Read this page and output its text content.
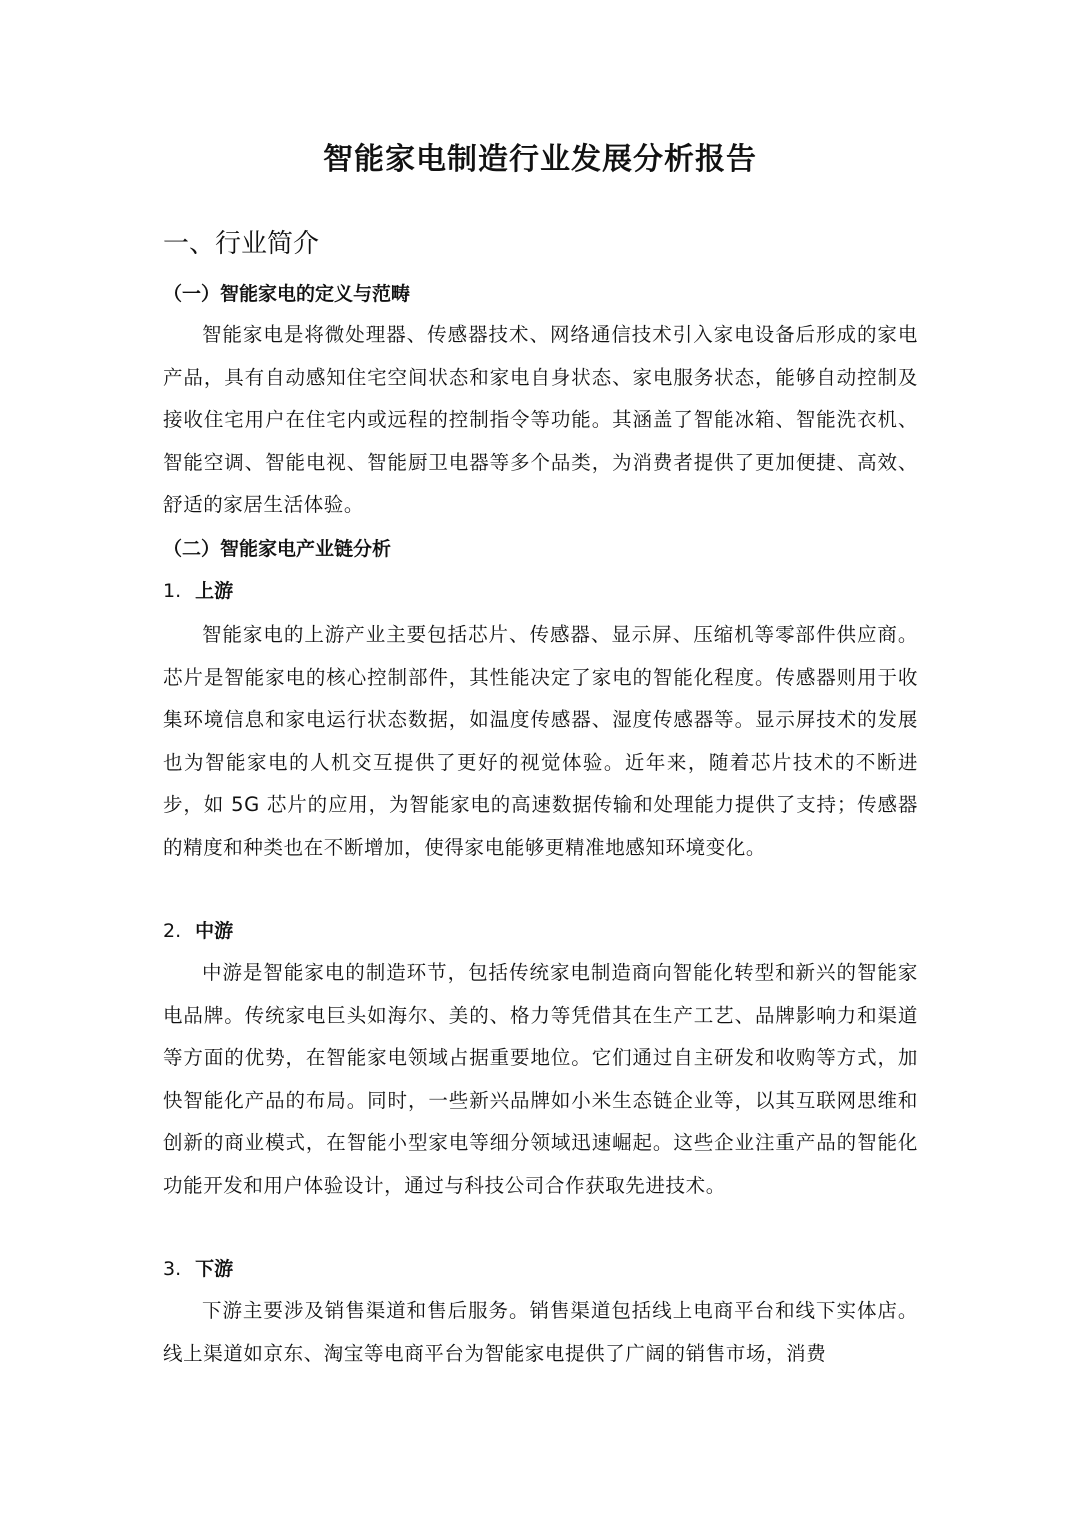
智能家电制造行业发展分析报告
一、行业简介
（一）智能家电的定义与范畴

智能家电是将微处理器、传感器技术、网络通信技术引入家电设备后形成的家电产品，具有自动感知住宅空间状态和家电自身状态、家电服务状态，能够自动控制及接收住宅用户在住宅内或远程的控制指令等功能。其涵盖了智能冰箱、智能洗衣机、智能空调、智能电视、智能厨卫电器等多个品类，为消费者提供了更加便捷、高效、舒适的家居生活体验。

（二）智能家电产业链分析
1. 上游

智能家电的上游产业主要包括芯片、传感器、显示屏、压缩机等零部件供应商。芯片是智能家电的核心控制部件，其性能决定了家电的智能化程度。传感器则用于收集环境信息和家电运行状态数据，如温度传感器、湿度传感器等。显示屏技术的发展也为智能家电的人机交互提供了更好的视觉体验。近年来，随着芯片技术的不断进步，如 5G 芯片的应用，为智能家电的高速数据传输和处理能力提供了支持；传感器的精度和种类也在不断增加，使得家电能够更精准地感知环境变化。

2. 中游

中游是智能家电的制造环节，包括传统家电制造商向智能化转型和新兴的智能家电品牌。传统家电巨头如海尔、美的、格力等凭借其在生产工艺、品牌影响力和渠道等方面的优势，在智能家电领域占据重要地位。它们通过自主研发和收购等方式，加快智能化产品的布局。同时，一些新兴品牌如小米生态链企业等，以其互联网思维和创新的商业模式，在智能小型家电等细分领域迅速崛起。这些企业注重产品的智能化功能开发和用户体验设计，通过与科技公司合作获取先进技术。

3. 下游

下游主要涉及销售渠道和售后服务。销售渠道包括线上电商平台和线下实体店。线上渠道如京东、淘宝等电商平台为智能家电提供了广阔的销售市场，消费
